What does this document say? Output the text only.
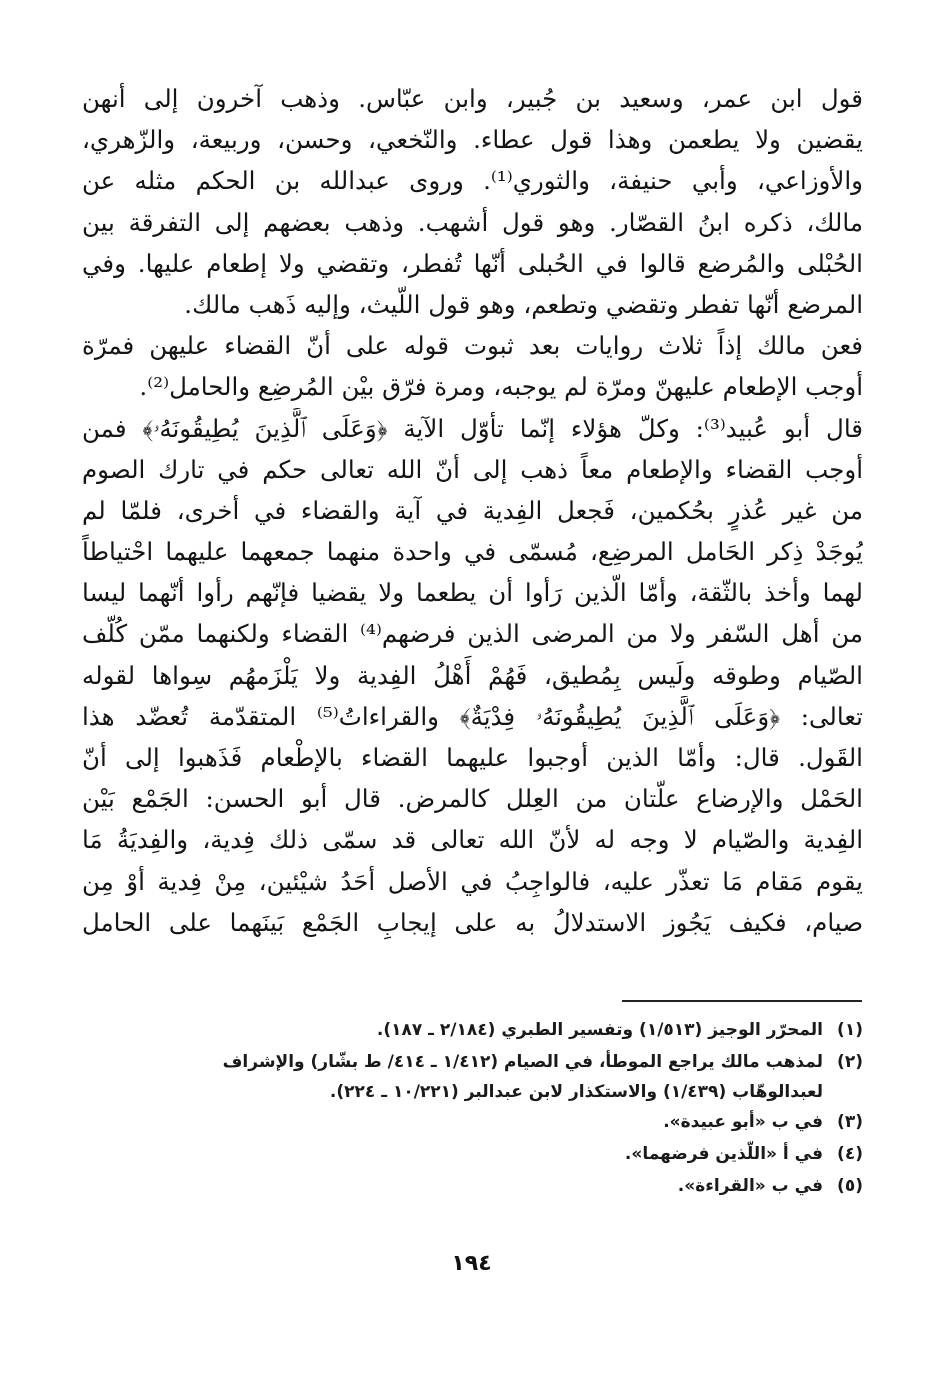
قول ابن عمر، وسعيد بن جُبير، وابن عبّاس. وذهب آخرون إلى أنهن
يقضين ولا يطعمن وهذا قول عطاء. والنّخعي، وحسن، وربيعة، والزّهري،
والأوزاعي، وأبي حنيفة، والثوري⁽¹⁾. وروى عبدالله بن الحكم مثله عن
مالك، ذكره ابنُ القصّار. وهو قول أشهب. وذهب بعضهم إلى التفرقة بين
الحُبْلى والمُرضع قالوا في الحُبلى أنّها تُفطر، وتقضي ولا إطعام عليها. وفي
المرضع أنّها تفطر وتقضي وتطعم، وهو قول اللّيث، وإليه ذَهب مالك.
فعن مالك إذاً ثلاث روايات بعد ثبوت قوله على أنّ القضاء عليهن فمرّة
أوجب الإطعام عليهنّ ومرّة لم يوجبه، ومرة فرّق بيْن المُرضِع والحامل⁽²⁾.
قال أبو عُبيد⁽³⁾: وكلّ هؤلاء إنّما تأوّل الآية ﴿وَعَلَى ٱلَّذِينَ يُطِيقُونَهُۥ﴾ فمن
أوجب القضاء والإطعام معاً ذهب إلى أنّ الله تعالى حكم في تارك الصوم
من غير عُذرٍ بحُكمين، فَجعل الفِدية في آية والقضاء في أخرى، فلمّا لم
يُوجَدْ ذِكر الحَامل المرضِع، مُسمّى في واحدة منهما جمعهما عليهما احْتياطاً
لهما وأخذ بالثّقة، وأمّا الّذين رَأوا أن يطعما ولا يقضيا فإنّهم رأوا أنّهما ليسا
من أهل السّفر ولا من المرضى الذين فرضهم⁽⁴⁾ القضاء ولكنهما ممّن كُلّف
الصّيام وطوقه ولَيس بِمُطيق، فَهُمْ أَهْلُ الفِدية ولا يَلْزَمهُم سِواها لقوله
تعالى: ﴿وَعَلَى ٱلَّذِينَ يُطِيقُونَهُۥ فِدْيَةٌ﴾ والقراءاتُ⁽⁵⁾ المتقدّمة تُعضّد هذا
القَول. قال: وأمّا الذين أوجبوا عليهما القضاء بالإطْعام فَذَهبوا إلى أنّ
الحَمْل والإرضاع علّتان من العِلل كالمرض. قال أبو الحسن: الجَمْع بَيْن
الفِدية والصّيام لا وجه له لأنّ الله تعالى قد سمّى ذلك فِدية، والفِديَةُ مَا
يقوم مَقام مَا تعذّر عليه، فالواجِبُ في الأصل أحَدُ شيْئين، مِنْ فِدية أوْ مِن
صيام، فكيف يَجُوز الاستدلالُ به على إيجابِ الجَمْع بَينَهما على الحامل
(١)المحرّر الوجيز (١/٥١٣) وتفسير الطبري (٢/١٨٤ ـ ١٨٧).
(٢)لمذهب مالك يراجع الموطأ، في الصيام (١/٤١٢ ـ ٤١٤/ ط بشّار) والإشراف
لعبدالوهّاب (١/٤٣٩) والاستكذار لابن عبدالبر (١٠/٢٢١ ـ ٢٢٤).
(٣)في ب «أبو عبيدة».
(٤)في أ «اللّذين فرضهما».
(٥)في ب «القراءة».
١٩٤
